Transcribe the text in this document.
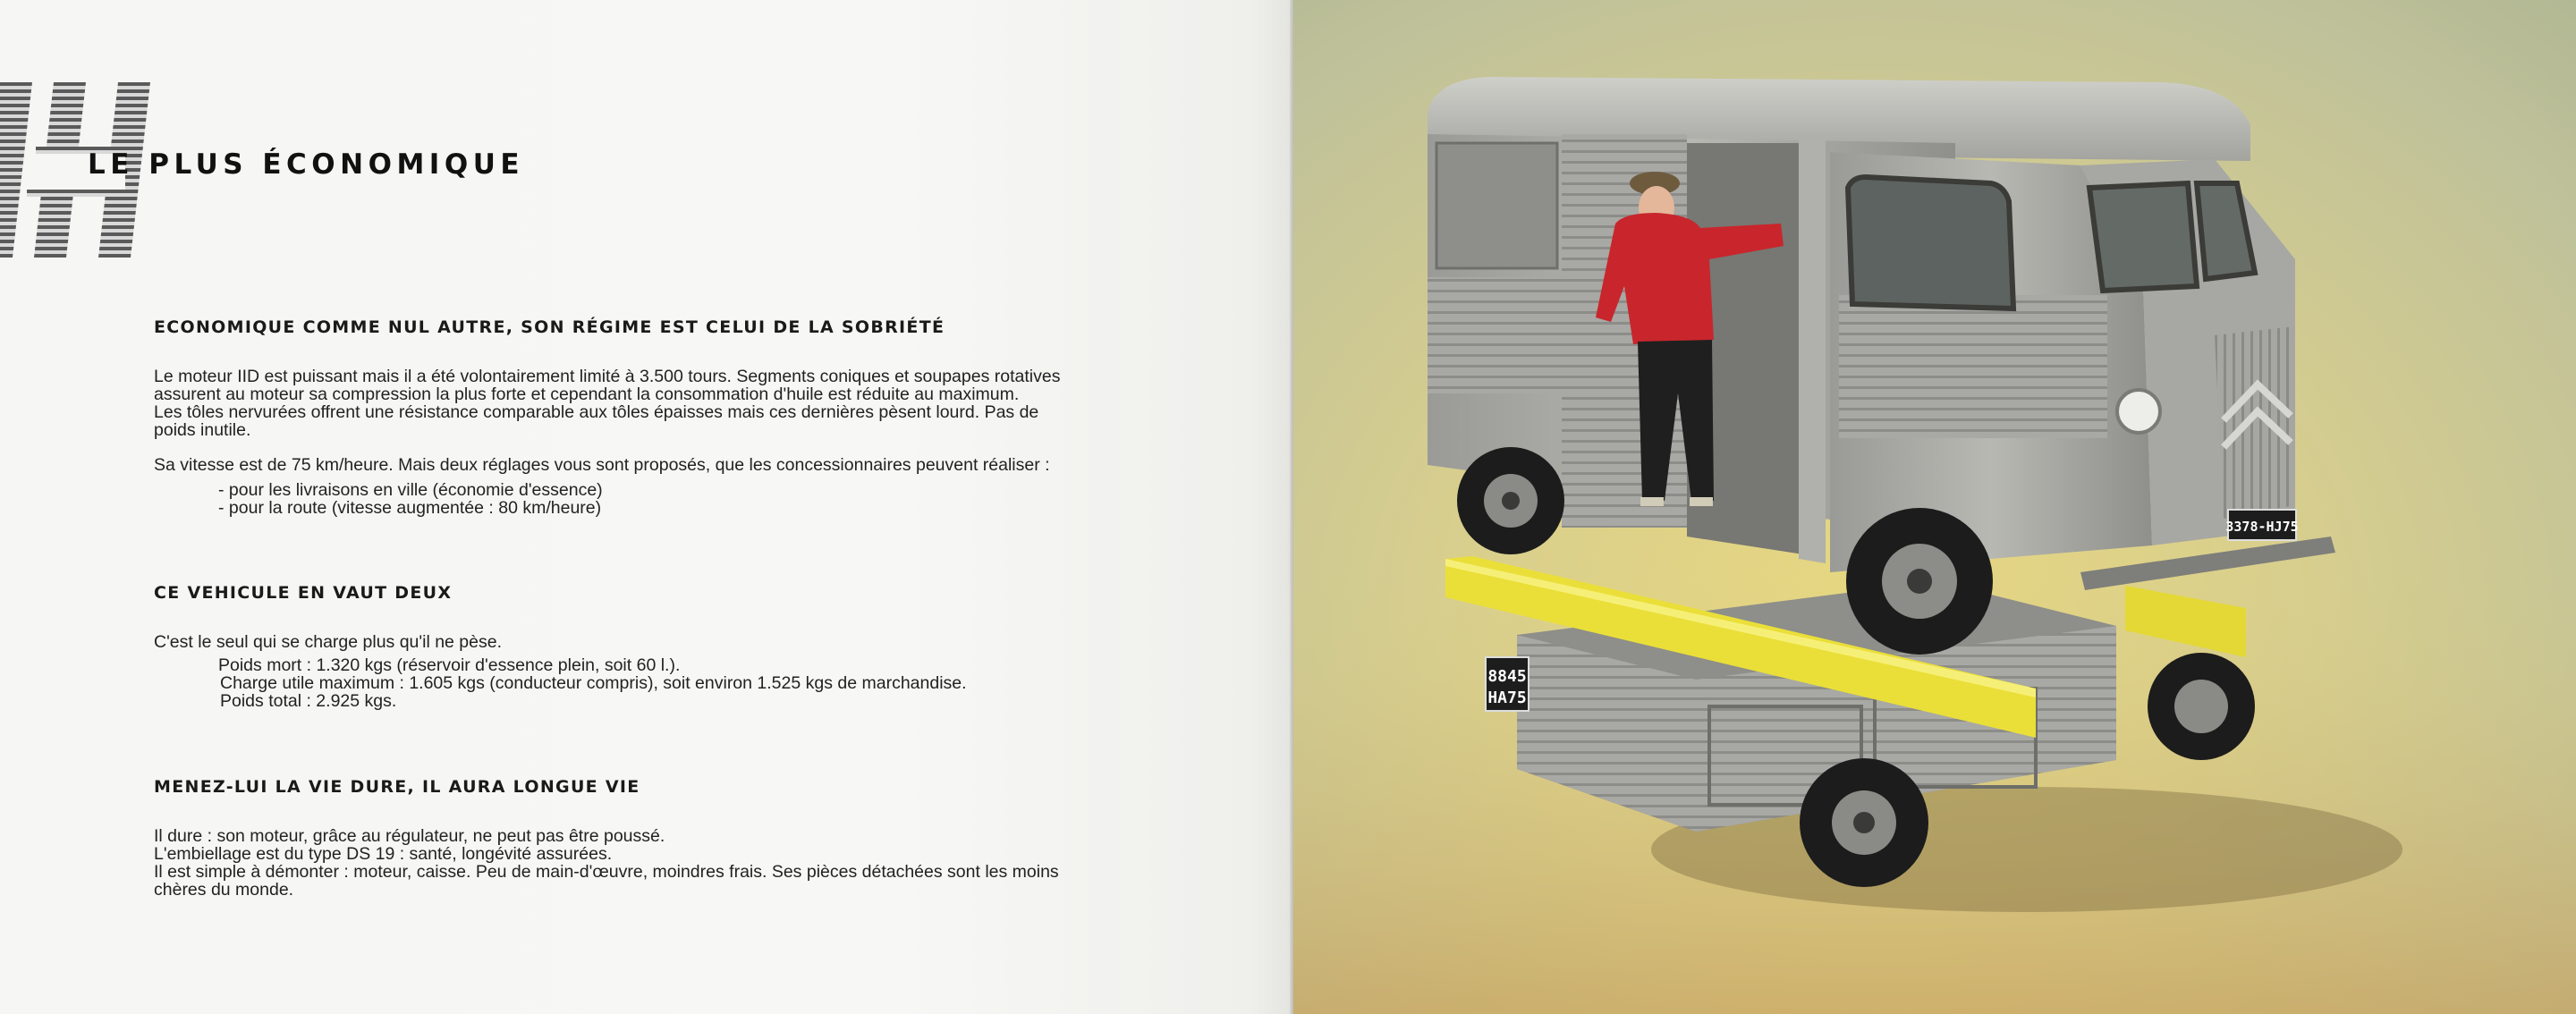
LE PLUS ÉCONOMIQUE
ECONOMIQUE COMME NUL AUTRE, SON RÉGIME EST CELUI DE LA SOBRIÉTÉ

Le moteur IID est puissant mais il a été volontairement limité à 3.500 tours. Segments coniques et soupapes rotatives
assurent au moteur sa compression la plus forte et cependant la consommation d'huile est réduite au maximum.
Les tôles nervurées offrent une résistance comparable aux tôles épaisses mais ces dernières pèsent lourd. Pas de
poids inutile.

Sa vitesse est de 75 km/heure. Mais deux réglages vous sont proposés, que les concessionnaires peuvent réaliser :
- pour les livraisons en ville (économie d'essence)
- pour la route (vitesse augmentée : 80 km/heure)

CE VEHICULE EN VAUT DEUX

C'est le seul qui se charge plus qu'il ne pèse.
Poids mort : 1.320 kgs (réservoir d'essence plein, soit 60 l.).
Charge utile maximum : 1.605 kgs (conducteur compris), soit environ 1.525 kgs de marchandise.
Poids total : 2.925 kgs.

MENEZ-LUI LA VIE DURE, IL AURA LONGUE VIE

Il dure : son moteur, grâce au régulateur, ne peut pas être poussé.
L'embiellage est du type DS 19 : santé, longévité assurées.
Il est simple à démonter : moteur, caisse. Peu de main-d'œuvre, moindres frais. Ses pièces détachées sont les moins
chères du monde.

8845
HA75
3378-HJ75
